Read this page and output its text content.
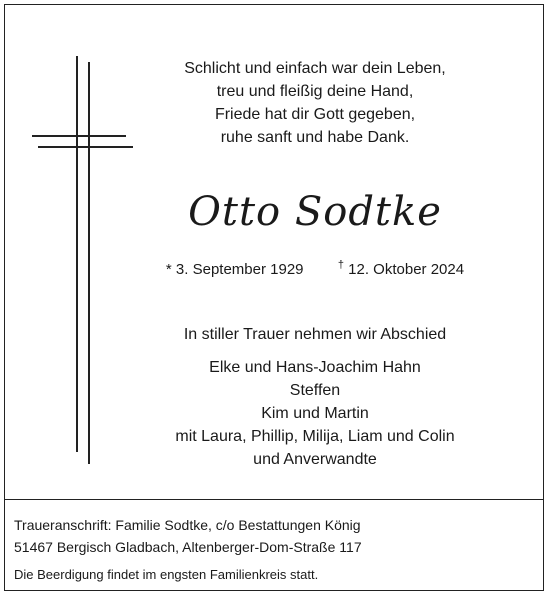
Schlicht und einfach war dein Leben,
treu und fleißig deine Hand,
Friede hat dir Gott gegeben,
ruhe sanft und habe Dank.
Otto Sodtke
* 3. September 1929	† 12. Oktober 2024
In stiller Trauer nehmen wir Abschied
Elke und Hans-Joachim Hahn
Steffen
Kim und Martin
mit Laura, Phillip, Milija, Liam und Colin
und Anverwandte
Traueranschrift: Familie Sodtke, c/o Bestattungen König
51467 Bergisch Gladbach, Altenberger-Dom-Straße 117
Die Beerdigung findet im engsten Familienkreis statt.
